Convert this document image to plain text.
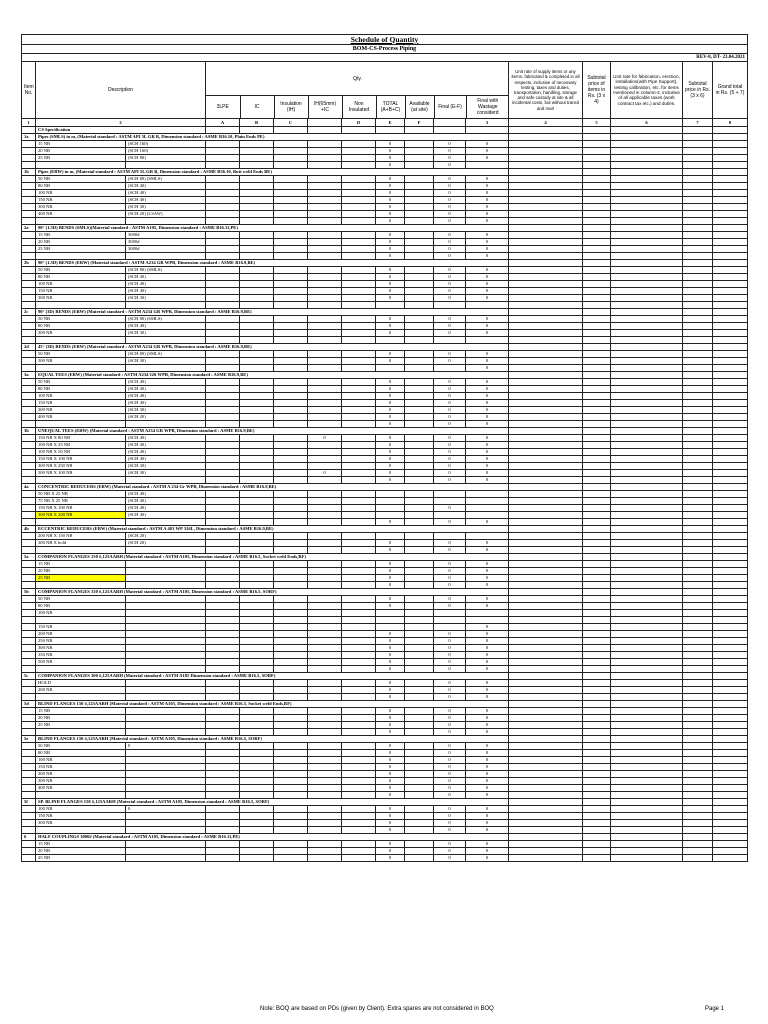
Schedule of Quantity
BOM-CS-Process Piping
REV-0, DT- 23.04.2021
Item No.	Description	
Qty.
3LPE	IC	Insulation (IH)	IH(65mm) +IC	Non Insulated	TOTAL (A+B+C)	Available (at site)	Final (E-F)	Final with Wastage considerd
	Unit rate of supply items or any items, fabricated & completed in all respects, inclusive of necessary testing, taxes and duties, transportation, handling, storage and safe custody at site & all incidental costs, but without transit and marl	Subtotal price of items in Rs. (3 x 4)	Unit rate for fabrication, erection, installation(with Pipe Support), testing calibration, etc. for items mentioned in column-2, inclusive of all applicable taxes (work contract tax etc.) and duties.	Subtotal price in Rs. (3 x 6)	Grand total in Rs. (5 + 7)
1	2	A	B	C		D	E	F		3	4	5	6	7	8
	CS Specification														
1a	Pipes (SMLS) in m, (Material standard : ASTM API 5L GR B, Dimension standard : ASME B36.10, Plain Ends PE)					
	15 NB	(SCH 160)						0		0	0					
	20 NB	(SCH 160)						0		0	0					
	25 NB	(SCH 80)						0		0	0					
								0		0						
1b	Pipes (ERW) in m, (Material standard : ASTM API 5L GR B, Dimension standard : ASME B36.10, Butt weld Ends BE)					
	50 NB	(SCH 80) (SMLS)						0		0	0					
	80 NB	(SCH 40)						0		0	0					
	100 NB	(SCH 40)						0		0	0					
	150 NB	(SCH 40)						0		0	0					
	300 NB	(SCH 30)						0		0	0					
	400 NB	(SCH 20) (LSAW)						0		0	0					
								0		0	0					
2a	90° (1.5D) BENDS (SMLS)(Material standard : ASTM A105, Dimension standard : ASME B16.11,PE)					
	15 NB	3000#						0		0	0					
	20 NB	3000#						0		0	0					
	25 NB	3000#						0		0	0					
								0		0	0					
2b	90° (1.5D) BENDS (ERW) (Material standard : ASTM A234 GR WPB, Dimension standard : ASME B16.9,BE)					
	50 NB	(SCH 80) (SMLS)						0		0	0					
	80 NB	(SCH 40)						0		0	0					
	100 NB	(SCH 40)						0		0	0					
	150 NB	(SCH 40)						0		0	0					
	300 NB	(SCH 30)						0		0	0					

2c	90° (3D) BENDS (ERW) (Material standard : ASTM A234 GR WPB, Dimension standard : ASME B16.9,BE)					
	50 NB	(SCH 80) (SMLS)						0		0	0					
	80 NB	(SCH 40)						0		0	0					
	300 NB	(SCH 30)						0		0	0					

2d	45° (3D) BENDS (ERW) (Material standard : ASTM A234 GR WPB, Dimension standard : ASME B16.9,BE)					
	50 NB	(SCH 80) (SMLS)						0		0	0					
	300 NB	(SCH 30)						0		0	0					
											0					
3a	EQUAL TEES (ERW) (Material standard : ASTM A234 GR WPB, Dimension standard : ASME B16.9,BE)					
	50 NB	(SCH 40)						0		0	0					
	80 NB	(SCH 40)						0		0	0					
	100 NB	(SCH 40)						0		0	0					
	150 NB	(SCH 40)						0		0	0					
	300 NB	(SCH 30)						0		0	0					
	400 NB	(SCH 20)						0		0	0					
								0		0	0					
3b	UNEQUAL TEES (ERW) (Material standard : ASTM A234 GR WPB, Dimension standard : ASME B16.9,BE)					
	150 NB X 80 NB	(SCH 40)				0		0		0	0					
	100 NB X 25 NB	(SCH 40)						0		0	0					
	100 NB X 50 NB	(SCH 40)						0		0	0					
	150 NB X 100 NB	(SCH 40)						0		0	0					
	300 NB X 250 NB	(SCH 30)						0		0	0					
	300 NB X 100 NB	(SCH 30)				0		0		0	0					
								0		0	0					
4a	CONCENTRIC REDUCERS (ERW) (Material standard : ASTM A 234 Gr WPB, Dimension standard : ASME B16.9,BE)					
	50 NB X 25 NB	(SCH 40)														
	75 NB X 25 NB	(SCH 40)														
	150 NB X 100 NB	(SCH 40)								0						
	300 NB X 200 NB	(SCH 40)														
								0		0	0					
4b	ECCENTRIC REDUCERS (ERW) (Material standard : ASTM A 403 WP 316L, Dimension standard : ASME B16.9,BE)					
	200 NB X 150 NB	(SCH 20)														
	300 NB X hold	(SCH 20)						0		0	0					
								0		0	0					
5a	COMPANION FLANGES 150 #,125AARH (Material standard : ASTM A105, Dimension standard : ASME B16.5, Socket weld Ends,RF)					
	15 NB							0		0	0					
	20 NB							0		0	0					
	25 NB							0		0	0					
								0		0	0					
5b	COMPANION FLANGES 150 #,125AARH (Material standard : ASTM A105, Dimension standard : ASME B16.5, SORF)					
	50 NB							0		0	0					
	80 NB							0		0	0					
	100 NB															

	150 NB										0					
	200 NB							0		0	0					
	250 NB							0		0	0					
	300 NB							0		0	0					
	350 NB							0		0	0					
	500 NB							0		0	0					
								0		0	0					
5c	COMPANION FLANGES 300 #,125AARH (Material standard : ASTM A105 Dimension standard : ASME B16.5, SORF)					
	HOLD							0		0	0					
	200 NB							0		0	0					
								0		0	0					
5d	BLIND FLANGES 150 #,125AARH (Material standard : ASTM A105, Dimension standard : ASME B16.5, Socket weld Ends,RF)					
	15 NB							0		0	0					
	20 NB							0		0	0					
	25 NB							0		0	0					
								0		0	0					
5e	BLIND FLANGES 150 #,125AARH (Material standard : ASTM A105, Dimension standard : ASME B16.5, SORF)					
	50 NB	0						0		0	0					
	80 NB							0		0	0					
	100 NB							0		0	0					
	150 NB							0		0	0					
	200 NB							0		0	0					
	300 NB							0		0	0					
	400 NB							0		0	0					
								0		0	0					
5f	SP. BLIND FLANGES 150 #,125AARH (Material standard : ASTM A105, Dimension standard : ASME B16.5, SORF)					
	100 NB	0						0		0	0					
	150 NB							0		0	0					
	300 NB							0		0	0					
								0		0	0					
6	HALF COUPLINGS 3000# (Material standard : ASTM A105, Dimension standard : ASME B16.11,PE)					
	15 NB							0		0	0					
	20 NB							0		0	0					
	25 NB							0		0	0					
Note: BOQ are based on PDs (given by Client). Extra spares are not considered in BOQ	Page 1
